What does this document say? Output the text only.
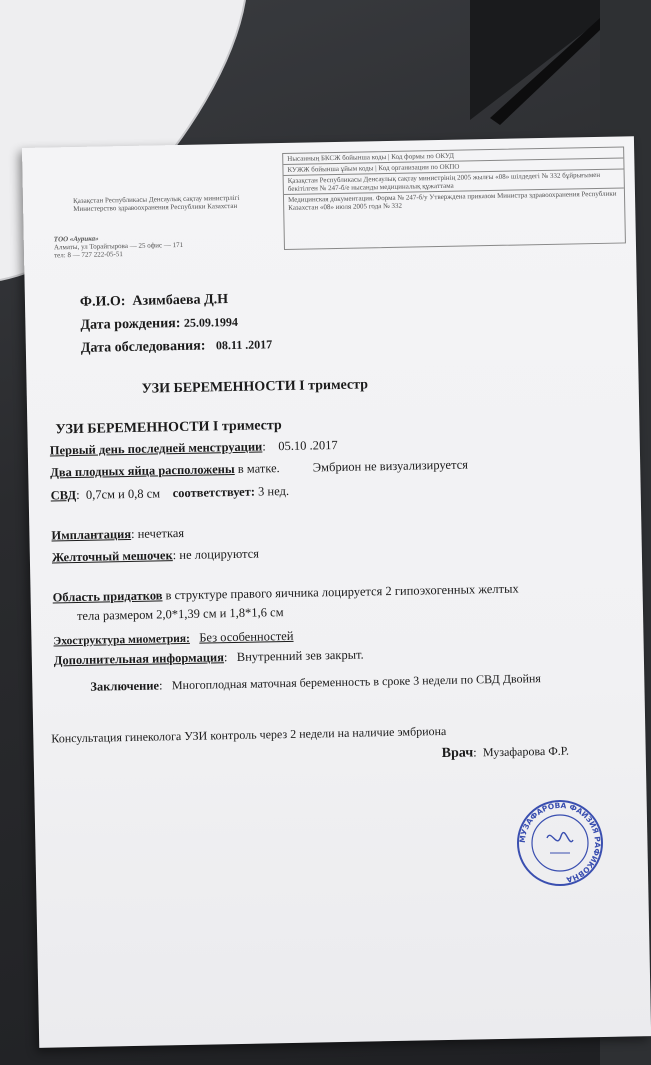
Қазақстан Республикасы Денсаулық сақтау министрлігі
Министерство здравоохранения Республики Казахстан
ТОО «Аурика»
Алматы, ул Торайгырова — 25 офис — 171
тел: 8 — 727 222-05-51
Нысанның БКСЖ бойынша коды | Код формы по ОКУД
КУЖЖ бойынша ұйым коды | Код организации по ОКПО
Қазақстан Республикасы Денсаулық сақтау министрінің 2005 жылғы «08» шілдедегі № 332 бұйрығымен бекітілген № 247-б/е нысанды медициналық құжаттама
Медицинская документация. Форма № 247-б/у Утверждена приказом Министра здравоохранения Республики Казахстан «08» июля 2005 года № 332
Ф.И.О: Азимбаева Д.Н
Дата рождения: 25.09.1994
Дата обследования: 08.11 .2017
УЗИ БЕРЕМЕННОСТИ I триместр
УЗИ БЕРЕМЕННОСТИ I триместр
Первый день последней менструации:    05.10 .2017
Два плодных яйца расположены в матке.	Эмбрион не визуализируется
СВД:  0,7см и 0,8 см соответствует: 3 нед.
Имплантация: нечеткая
Желточный мешочек: не лоцируются
Область придатков в структуре правого яичника лоцируется 2 гипоэхогенных желтых
тела размером 2,0*1,39 см и 1,8*1,6 см
Эхоструктура миометрия: Без особенностей
Дополнительная информация:   Внутренний зев закрыт.
Заключение:   Многоплодная маточная беременность в сроке 3 недели по СВД Двойня
Консультация гинеколога УЗИ контроль через 2 недели на наличие эмбриона
Врач:  Музафарова Ф.Р.
МУЗАФАРОВА ФАЙЗИЯ РАФИКОВНА
